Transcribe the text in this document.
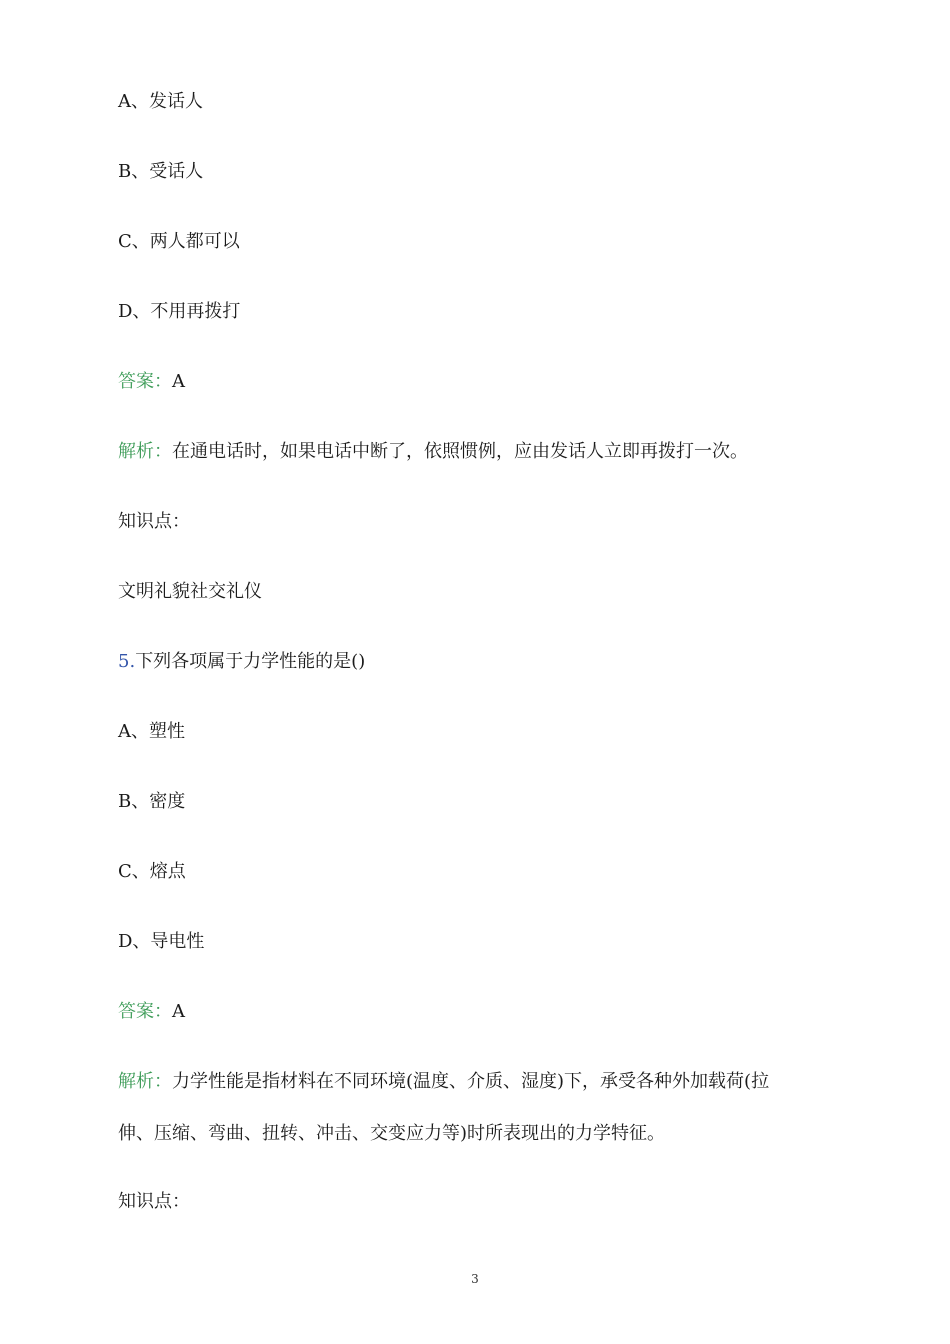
A、发话人
B、受话人
C、两人都可以
D、不用再拨打
答案：A
解析：在通电话时，如果电话中断了，依照惯例，应由发话人立即再拨打一次。
知识点：
文明礼貌社交礼仪
5.下列各项属于力学性能的是()
A、塑性
B、密度
C、熔点
D、导电性
答案：A
解析：力学性能是指材料在不同环境(温度、介质、湿度)下，承受各种外加载荷(拉
伸、压缩、弯曲、扭转、冲击、交变应力等)时所表现出的力学特征。
知识点：
3
